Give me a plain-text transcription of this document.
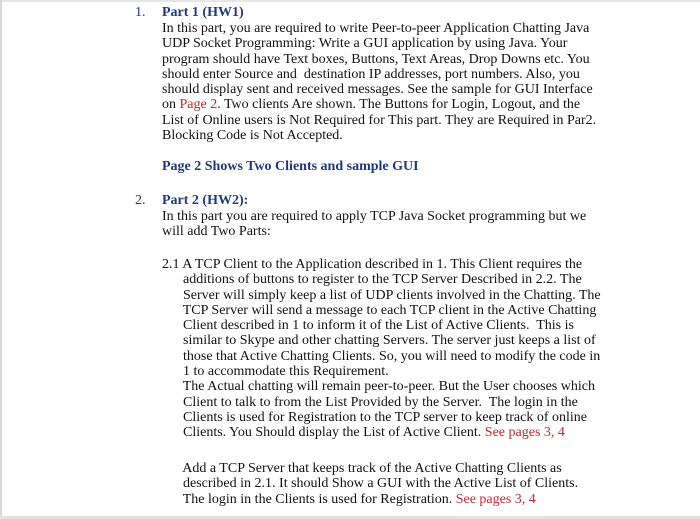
1. Part 1 (HW1)

In this part, you are required to write Peer-to-peer Application Chatting Java
UDP Socket Programming: Write a GUI application by using Java. Your
program should have Text boxes, Buttons, Text Areas, Drop Downs etc. You
should enter Source and  destination IP addresses, port numbers. Also, you
should display sent and received messages. See the sample for GUI Interface
on Page 2. Two clients Are shown. The Buttons for Login, Logout, and the
List of Online users is Not Required for This part. They are Required in Par2.
Blocking Code is Not Accepted.

Page 2 Shows Two Clients and sample GUI
2. Part 2 (HW2):

In this part you are required to apply TCP Java Socket programming but we
will add Two Parts:

2.1 A TCP Client to the Application described in 1. This Client requires the
additions of buttons to register to the TCP Server Described in 2.2. The
Server will simply keep a list of UDP clients involved in the Chatting. The
TCP Server will send a message to each TCP client in the Active Chatting
Client described in 1 to inform it of the List of Active Clients.  This is
similar to Skype and other chatting Servers. The server just keeps a list of
those that Active Chatting Clients. So, you will need to modify the code in
1 to accommodate this Requirement.
The Actual chatting will remain peer-to-peer. But the User chooses which
Client to talk to from the List Provided by the Server.  The login in the
Clients is used for Registration to the TCP server to keep track of online
Clients. You Should display the List of Active Client. See pages 3, 4

Add a TCP Server that keeps track of the Active Chatting Clients as
described in 2.1. It should Show a GUI with the Active List of Clients.
The login in the Clients is used for Registration. See pages 3, 4
